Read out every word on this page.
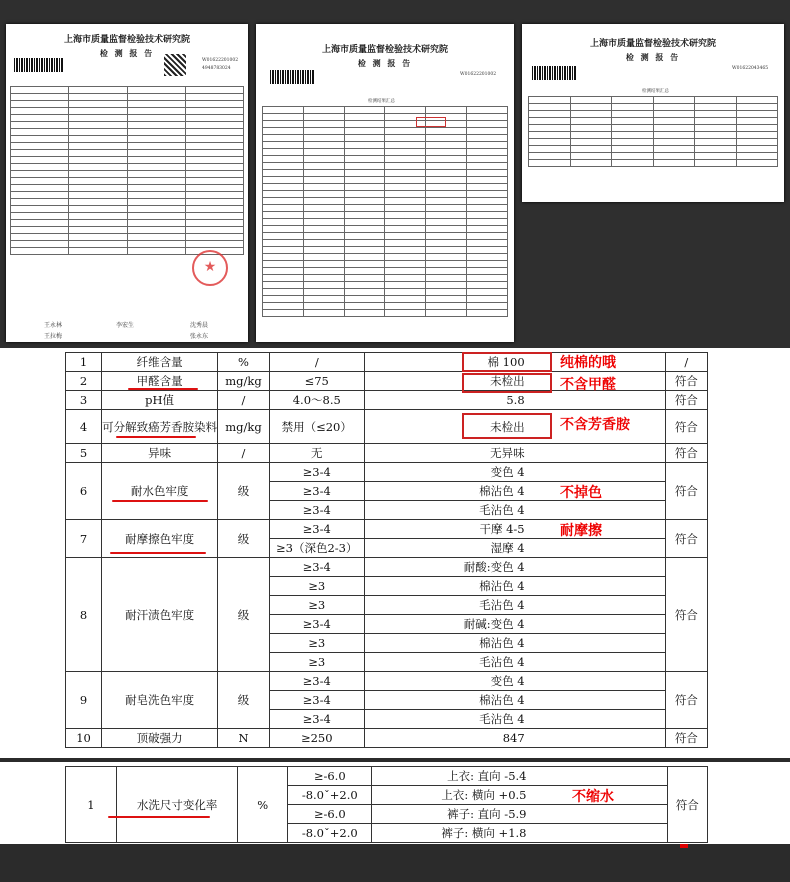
上海市质量监督检验技术研究院
检 测 报 告
W01622201002
4948783024

★
王永林	李宏生	沈秀晨
王拉梅	张永东
上海市质量监督检验技术研究院
检 测 报 告
W01622201002
检测结果汇总

上海市质量监督检验技术研究院
检 测 报 告
W01622043465
检测结果汇总

1	纤维含量	%	/	棉 100	/
2	甲醛含量	mg/kg	≤75	未检出	符合
3	pH值	/	4.0～8.5	5.8	符合
4	可分解致癌芳香胺染料	mg/kg	禁用（≤20）	未检出	符合
5	异味	/	无	无异味	符合
6	耐水色牢度	级	≥3-4	变色 4	符合
			≥3-4	棉沾色 4	
			≥3-4	毛沾色 4	
7	耐摩擦色牢度	级	≥3-4	干摩 4-5	符合
			≥3（深色2-3）	湿摩 4	
8	耐汗渍色牢度	级	≥3-4	耐酸:变色 4	符合
			≥3	棉沾色 4	
			≥3	毛沾色 4	
			≥3-4	耐碱:变色 4	
			≥3	棉沾色 4	
			≥3	毛沾色 4	
9	耐皂洗色牢度	级	≥3-4	变色 4	符合
			≥3-4	棉沾色 4	
			≥3-4	毛沾色 4	
10	顶破强力	N	≥250	847	符合
1	水洗尺寸变化率	%	≥-6.0	上衣: 直向 -5.4	符合
			-8.0ˇ+2.0	上衣: 横向 +0.5	
			≥-6.0	裤子: 直向 -5.9	
			-8.0ˇ+2.0	裤子: 横向 +1.8	
纯棉的哦
不含甲醛
不含芳香胺
不掉色
耐摩擦
不缩水
